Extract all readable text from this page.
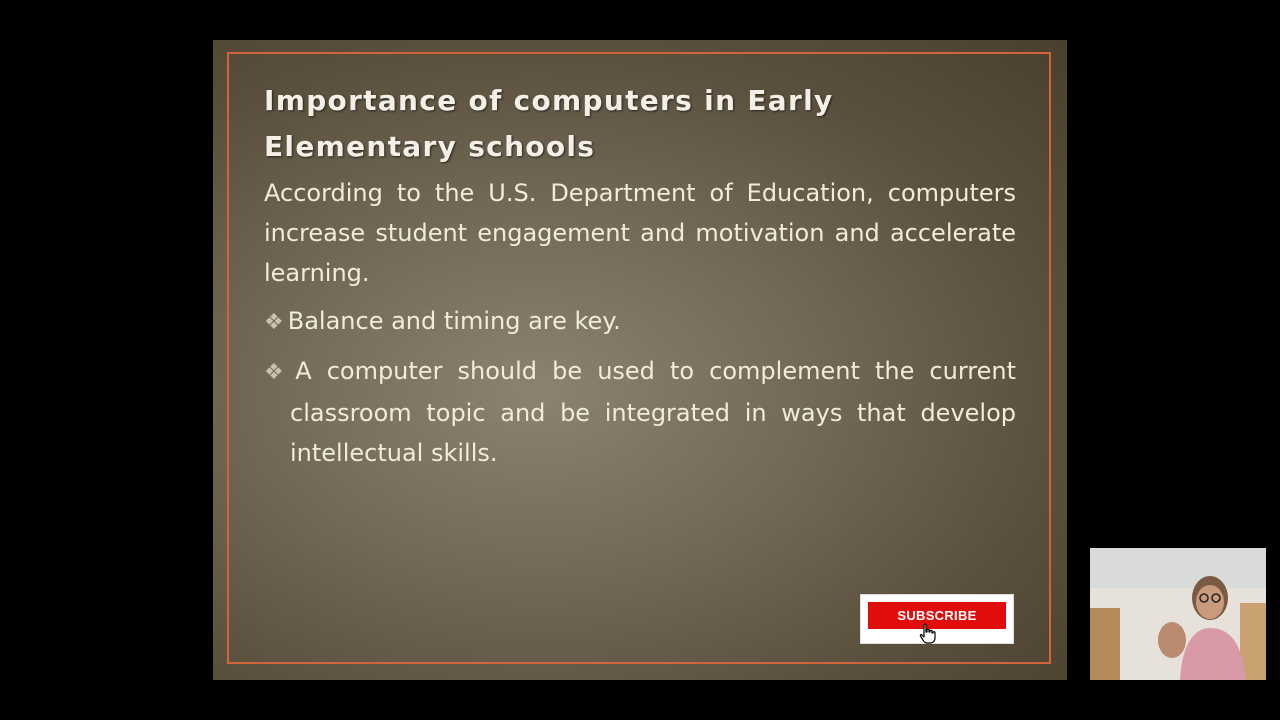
Importance of computers in Early Elementary schools

According to the U.S. Department of Education, computers increase student engagement and motivation and accelerate learning.

❖ Balance and timing are key.

❖ A computer should be used to complement the current classroom topic and be integrated in ways that develop intellectual skills.

SUBSCRIBE
